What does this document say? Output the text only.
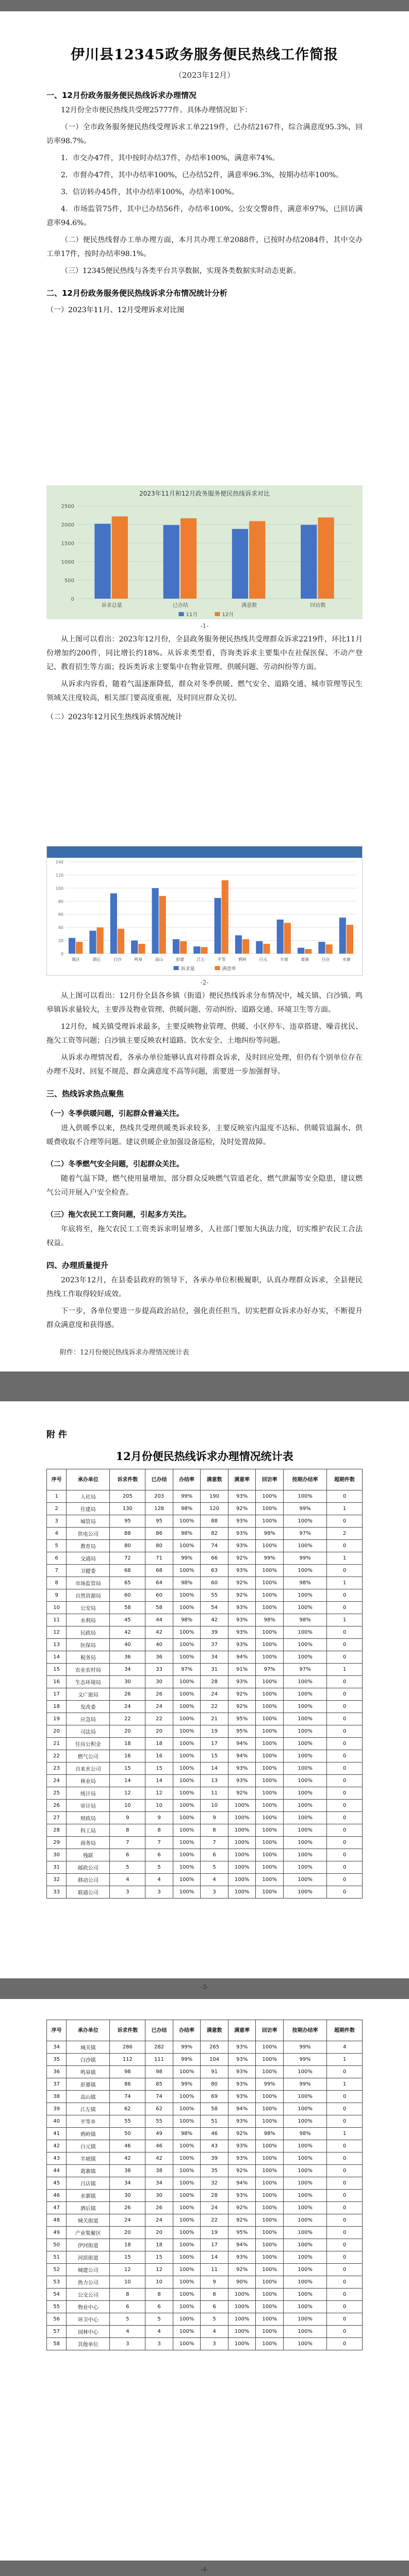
伊川县12345政务服务便民热线工作简报
（2023年12月）
一、12月份政务服务便民热线诉求办理情况

12月份全市便民热线共受理25777件。具体办理情况如下：

（一）全市政务服务便民热线受理诉求工单2219件，已办结2167件，综合满意度95.3%，回访率98.7%。

1．市交办47件，其中按时办结37件，办结率100%，满意率74%。

2．市督办47件，其中办结率100%，已办结52件，满意率96.3%，按期办结率100%。

3．信访转办45件，其中办结率100%，办结率100%。

4．市场监管75件，其中已办结56件，办结率100%，公安交警8件，满意率97%，已回访满意率94.6%。

（二）便民热线督办工单办理方面，本月共办理工单2088件，已按时办结2084件，其中交办工单17件，按时办结率98.1%。

（三）12345便民热线与各类平台共享数据，实现各类数据实时动态更新。

二、12月份政务服务便民热线诉求分布情况统计分析
（一）2023年11月、12月受理诉求对比图
2023年11月和12月政务服务便民热线诉求对比
0
500
1000
1500
2000
2500
诉求总量	已办结	满意数	回访数
11月	12月
-1-

从上图可以看出：2023年12月份，全县政务服务便民热线共受理群众诉求2219件，环比11月份增加约200件，同比增长约18%。从诉求类型看，咨询类诉求主要集中在社保医保、不动产登记、教育招生等方面；投诉类诉求主要集中在物业管理、供暖问题、劳动纠纷等方面。

从诉求内容看，随着气温逐渐降低，群众对冬季供暖、燃气安全、道路交通、城市管理等民生领域关注度较高，相关部门要高度重视，及时回应群众关切。

（二）2023年12月民生热线诉求情况统计
0
20
40
60
80
100
120
140
城区	酒后	白沙	鸣皋	高山	彭婆	江左	平等	鸦岭	白元	半坡	葛寨	吕店	水寨
诉求量	满意率
-2-

从上图可以看出：12月份全县各乡镇（街道）便民热线诉求分布情况中，城关镇、白沙镇、鸣皋镇诉求量较大，主要涉及物业管理、供暖问题、劳动纠纷、道路交通、环境卫生等方面。

12月份，城关镇受理诉求最多，主要反映物业管理、供暖、小区停车、违章搭建、噪音扰民、拖欠工资等问题；白沙镇主要反映农村道路、饮水安全、土地纠纷等问题。

从诉求办理情况看，各承办单位能够认真对待群众诉求，及时回应处理，但仍有个别单位存在办理不及时、回复不规范、群众满意度不高等问题，需要进一步加强督导。

三、热线诉求热点聚焦
（一）冬季供暖问题，引起群众普遍关注。

进入供暖季以来，热线共受理供暖类诉求较多，主要反映室内温度不达标、供暖管道漏水、供暖费收取不合理等问题。建议供暖企业加强设备巡检，及时处置故障。

（二）冬季燃气安全问题，引起群众关注。

随着气温下降，燃气使用量增加，部分群众反映燃气管道老化、燃气泄漏等安全隐患，建议燃气公司开展入户安全检查。

（三）拖欠农民工工资问题，引起多方关注。

年底将至，拖欠农民工工资类诉求明显增多，人社部门要加大执法力度，切实维护农民工合法权益。

四、办理质量提升

2023年12月，在县委县政府的领导下，各承办单位积极履职，认真办理群众诉求，全县便民热线工作取得较好成效。

下一步，各单位要进一步提高政治站位，强化责任担当，切实把群众诉求办好办实，不断提升群众满意度和获得感。

附件：12月份便民热线诉求办理情况统计表
附 件
12月份便民热线诉求办理情况统计表
序号	承办单位	诉求件数	已办结	办结率	满意数	满意率	回访率	按期办结率	超期件数
1	人社局	205	203	99%	190	93%	100%	100%	0
2	住建局	130	128	98%	120	92%	100%	99%	1
3	城管局	95	95	100%	88	93%	100%	100%	0
4	供电公司	88	86	98%	82	93%	98%	97%	2
5	教育局	80	80	100%	74	93%	100%	100%	0
6	交通局	72	71	99%	66	92%	99%	99%	1
7	卫健委	68	68	100%	63	93%	100%	100%	0
8	市场监管局	65	64	98%	60	92%	100%	98%	1
9	自然资源局	60	60	100%	55	92%	100%	100%	0
10	公安局	58	58	100%	54	93%	100%	100%	0
11	水利局	45	44	98%	42	93%	98%	98%	1
12	民政局	42	42	100%	39	93%	100%	100%	0
13	医保局	40	40	100%	37	93%	100%	100%	0
14	税务局	36	36	100%	34	94%	100%	100%	0
15	农业农村局	34	33	97%	31	91%	97%	97%	1
16	生态环境局	30	30	100%	28	93%	100%	100%	0
17	文广旅局	26	26	100%	24	92%	100%	100%	0
18	发改委	24	24	100%	22	92%	100%	100%	0
19	应急局	22	22	100%	21	95%	100%	100%	0
20	司法局	20	20	100%	19	95%	100%	100%	0
21	住房公积金	18	18	100%	17	94%	100%	100%	0
22	燃气公司	16	16	100%	15	94%	100%	100%	0
23	自来水公司	15	15	100%	14	93%	100%	100%	0
24	林业局	14	14	100%	13	93%	100%	100%	0
25	统计局	12	12	100%	11	92%	100%	100%	0
26	审计局	10	10	100%	10	100%	100%	100%	0
27	财政局	9	9	100%	9	100%	100%	100%	0
28	科工局	8	8	100%	8	100%	100%	100%	0
29	商务局	7	7	100%	7	100%	100%	100%	0
30	残联	6	6	100%	6	100%	100%	100%	0
31	邮政公司	5	5	100%	5	100%	100%	100%	0
32	移动公司	4	4	100%	4	100%	100%	100%	0
33	联通公司	3	3	100%	3	100%	100%	100%	0
-3-
序号	承办单位	诉求件数	已办结	办结率	满意数	满意率	回访率	按期办结率	超期件数
34	城关镇	286	282	99%	265	93%	100%	99%	4
35	白沙镇	112	111	99%	104	93%	100%	99%	1
36	鸣皋镇	98	98	100%	91	93%	100%	100%	0
37	彭婆镇	86	85	99%	80	93%	99%	99%	1
38	高山镇	74	74	100%	69	93%	100%	100%	0
39	江左镇	62	62	100%	58	94%	100%	100%	0
40	平等乡	55	55	100%	51	93%	100%	100%	0
41	鸦岭镇	50	49	98%	46	92%	98%	98%	1
42	白元镇	46	46	100%	43	93%	100%	100%	0
43	半坡镇	42	42	100%	39	93%	100%	100%	0
44	葛寨镇	38	38	100%	35	92%	100%	100%	0
45	吕店镇	34	34	100%	32	94%	100%	100%	0
46	水寨镇	30	30	100%	28	93%	100%	100%	0
47	酒后镇	26	26	100%	24	92%	100%	100%	0
48	城关街道	24	24	100%	22	92%	100%	100%	0
49	产业集聚区	20	20	100%	19	95%	100%	100%	0
50	伊河街道	18	18	100%	17	94%	100%	100%	0
51	河滨街道	15	15	100%	14	93%	100%	100%	0
52	城建公司	12	12	100%	11	92%	100%	100%	0
53	热力公司	10	10	100%	9	90%	100%	100%	0
54	公交公司	8	8	100%	8	100%	100%	100%	0
55	物业中心	6	6	100%	6	100%	100%	100%	0
56	环卫中心	5	5	100%	5	100%	100%	100%	0
57	园林中心	4	4	100%	4	100%	100%	100%	0
58	其他单位	3	3	100%	3	100%	100%	100%	0
-4-
